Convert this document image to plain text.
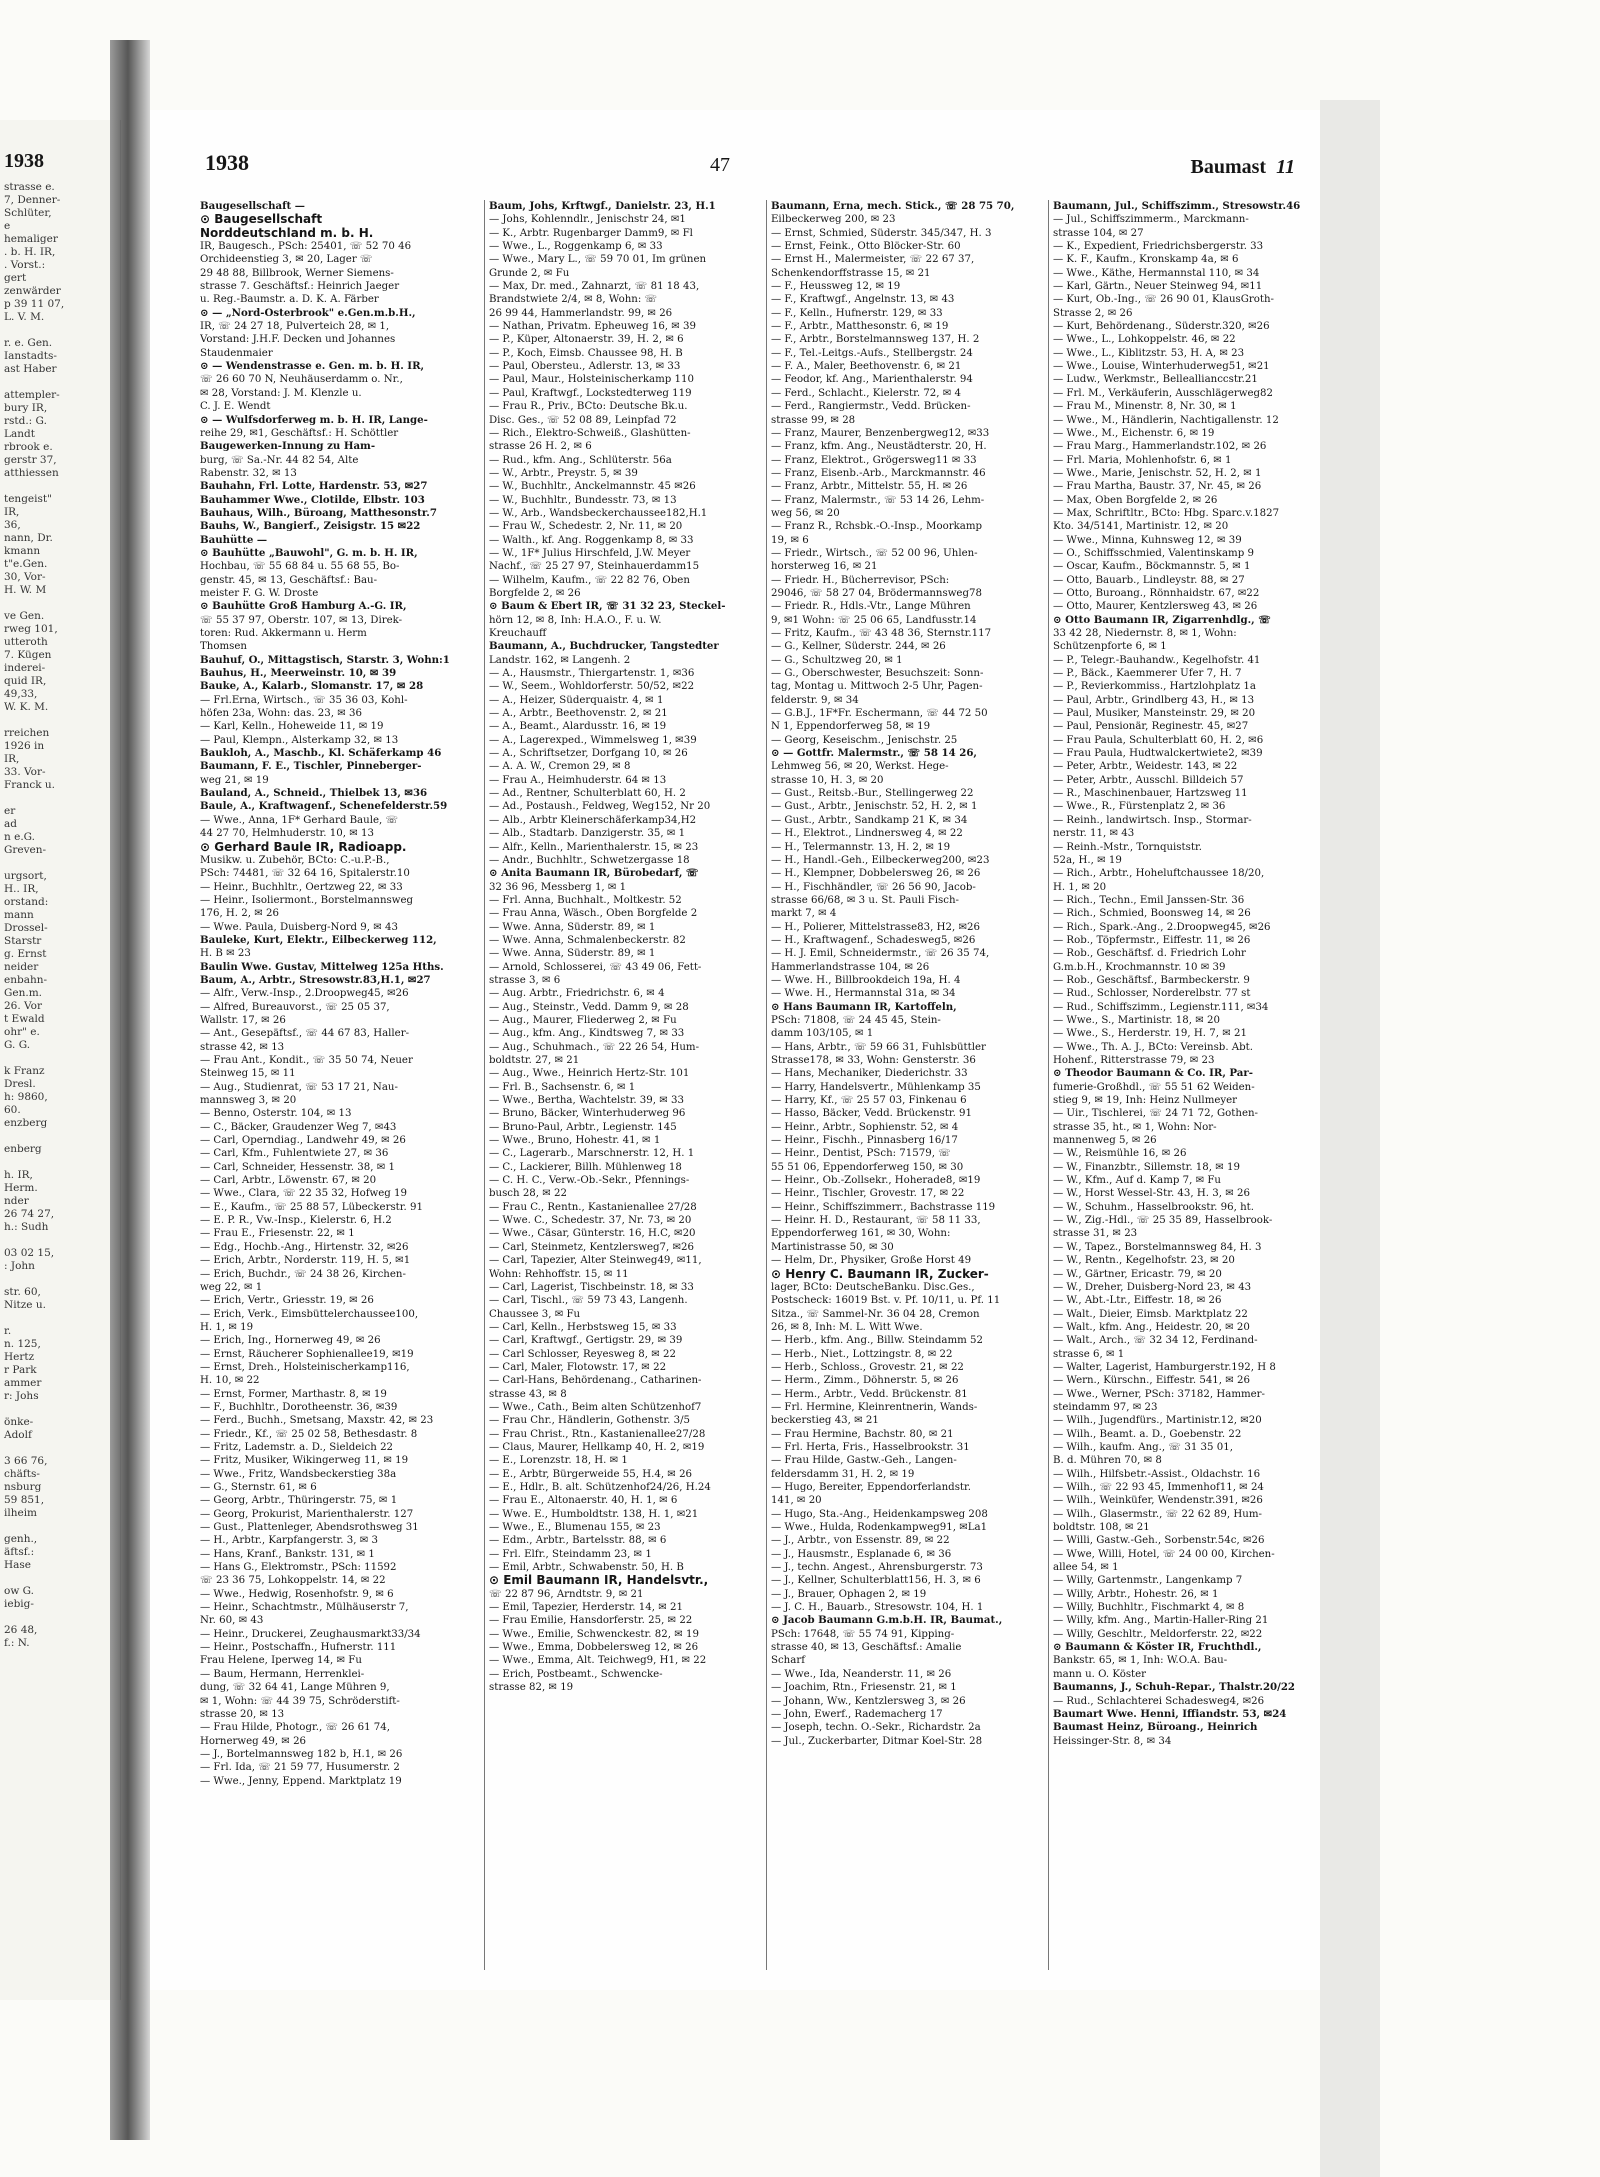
1938
strasse e.
7, Denner-
Schlüter,
e
hemaliger
. b. H. IR,
. Vorst.:
gert
zenwärder
p 39 11 07,
L. V. M.

r. e. Gen.
Ianstadts-
ast Haber

attempler-
bury IR,
rstd.: G.
Landt
rbrook e.
gerstr 37,
atthiessen

tengeist"
IR,
36,
nann, Dr.
kmann
t"e.Gen.
30, Vor-
H. W. M

ve Gen.
rweg 101,
utteroth
7. Kügen
inderei-
quid IR,
49,33,
W. K. M.

rreichen
1926 in
IR,
33. Vor-
Franck u.

er
ad
n e.G.
Greven-

urgsort,
H.. IR,
orstand:
mann
Drossel-
Starstr
g. Ernst
neider
enbahn-
Gen.m.
26. Vor
t Ewald
ohr" e.
G. G.

k Franz
Dresl.
h: 9860,
60.
enzberg

enberg

h. IR,
Herm.
nder
26 74 27,
h.: Sudh

03 02 15,
: John

str. 60,
Nitze u.

r.
n. 125,
Hertz
r Park
ammer
r: Johs

önke-
Adolf

3 66 76,
chäfts-
nsburg
59 851,
ilheim

genh.,
äftsf.:
Hase

ow G.
iebig-

26 48,
f.: N.
1938	47	Baumast 11
Baugesellschaft —
⊙ Baugesellschaft
Norddeutschland m. b. H.
IR, Baugesch., PSch: 25401, ☏ 52 70 46
Orchideenstieg 3, ✉ 20, Lager ☏
29 48 88, Billbrook, Werner Siemens-
strasse 7. Geschäftsf.: Heinrich Jaeger
u. Reg.-Baumstr. a. D. K. A. Färber
⊙ — „Nord-Osterbrook" e.Gen.m.b.H.,
IR, ☏ 24 27 18, Pulverteich 28, ✉ 1,
Vorstand: J.H.F. Decken und Johannes
Staudenmaier
⊙ — Wendenstrasse e. Gen. m. b. H. IR,
☏ 26 60 70 N, Neuhäuserdamm o. Nr.,
✉ 28, Vorstand: J. M. Klenzle u.
C. J. E. Wendt
⊙ — Wulfsdorferweg m. b. H. IR, Lange-
reihe 29, ✉1, Geschäftsf.: H. Schöttler
Baugewerken-Innung zu Ham-
burg, ☏ Sa.-Nr. 44 82 54, Alte
Rabenstr. 32, ✉ 13
Bauhahn, Frl. Lotte, Hardenstr. 53, ✉27
Bauhammer Wwe., Clotilde, Elbstr. 103
Bauhaus, Wilh., Büroang, Matthesonstr.7
Bauhs, W., Bangierf., Zeisigstr. 15 ✉22
Bauhütte —
⊙ Bauhütte „Bauwohl", G. m. b. H. IR,
Hochbau, ☏ 55 68 84 u. 55 68 55, Bo-
genstr. 45, ✉ 13, Geschäftsf.: Bau-
meister F. G. W. Droste
⊙ Bauhütte Groß Hamburg A.-G. IR,
☏ 55 37 97, Oberstr. 107, ✉ 13, Direk-
toren: Rud. Akkermann u. Herm
Thomsen
Bauhuf, O., Mittagstisch, Starstr. 3, Wohn:1
Bauhus, H., Meerweinstr. 10, ✉ 39
Bauke, A., Kalarb., Slomanstr. 17, ✉ 28
— Frl.Erna, Wirtsch., ☏ 35 36 03, Kohl-
höfen 23a, Wohn: das. 23, ✉ 36
— Karl, Kelln., Hoheweide 11, ✉ 19
— Paul, Klempn., Alsterkamp 32, ✉ 13
Baukloh, A., Maschb., Kl. Schäferkamp 46
Baumann, F. E., Tischler, Pinneberger-
weg 21, ✉ 19
Bauland, A., Schneid., Thielbek 13, ✉36
Baule, A., Kraftwagenf., Schenefelderstr.59
— Wwe., Anna, 1F* Gerhard Baule, ☏
44 27 70, Helmhuderstr. 10, ✉ 13
⊙ Gerhard Baule IR, Radioapp.
Musikw. u. Zubehör, BCto: C.-u.P.-B.,
PSch: 74481, ☏ 32 64 16, Spitalerstr.10
— Heinr., Buchhltr., Oertzweg 22, ✉ 33
— Heinr., Isoliermont., Borstelmannsweg
176, H. 2, ✉ 26
— Wwe. Paula, Duisberg-Nord 9, ✉ 43
Bauleke, Kurt, Elektr., Eilbeckerweg 112,
H. B ✉ 23
Baulin Wwe. Gustav, Mittelweg 125a Hths.
Baum, A., Arbtr., Stresowstr.83,H.1, ✉27
— Alfr., Verw.-Insp., 2.Droopweg45, ✉26
— Alfred, Bureauvorst., ☏ 25 05 37,
Wallstr. 17, ✉ 26
— Ant., Gesepäftsf., ☏ 44 67 83, Haller-
strasse 42, ✉ 13
— Frau Ant., Kondit., ☏ 35 50 74, Neuer
Steinweg 15, ✉ 11
— Aug., Studienrat, ☏ 53 17 21, Nau-
mannsweg 3, ✉ 20
— Benno, Osterstr. 104, ✉ 13
— C., Bäcker, Graudenzer Weg 7, ✉43
— Carl, Operndiag., Landwehr 49, ✉ 26
— Carl, Kfm., Fuhlentwiete 27, ✉ 36
— Carl, Schneider, Hessenstr. 38, ✉ 1
— Carl, Arbtr., Löwenstr. 67, ✉ 20
— Wwe., Clara, ☏ 22 35 32, Hofweg 19
— E., Kaufm., ☏ 25 88 57, Lübeckerstr. 91
— E. P. R., Vw.-Insp., Kielerstr. 6, H.2
— Frau E., Friesenstr. 22, ✉ 1
— Edg., Hochb.-Ang., Hirtenstr. 32, ✉26
— Erich, Arbtr., Norderstr. 119, H. 5, ✉1
— Erich, Buchdr., ☏ 24 38 26, Kirchen-
weg 22, ✉ 1
— Erich, Vertr., Griesstr. 19, ✉ 26
— Erich, Verk., Eimsbüttelerchaussee100,
H. 1, ✉ 19
— Erich, Ing., Hornerweg 49, ✉ 26
— Ernst, Räucherer Sophienallee19, ✉19
— Ernst, Dreh., Holsteinischerkamp116,
H. 10, ✉ 22
— Ernst, Former, Marthastr. 8, ✉ 19
— F., Buchhltr., Dorotheenstr. 36, ✉39
— Ferd., Buchh., Smetsang, Maxstr. 42, ✉ 23
— Friedr., Kf., ☏ 25 02 58, Bethesdastr. 8
— Fritz, Lademstr. a. D., Sieldeich 22
— Fritz, Musiker, Wikingerweg 11, ✉ 19
— Wwe., Fritz, Wandsbeckerstieg 38a
— G., Sternstr. 61, ✉ 6
— Georg, Arbtr., Thüringerstr. 75, ✉ 1
— Georg, Prokurist, Marienthalerstr. 127
— Gust., Plattenleger, Abendsrothsweg 31
— H., Arbtr., Karpfangerstr. 3, ✉ 3
— Hans, Kranf., Bankstr. 131, ✉ 1
— Hans G., Elektromstr., PSch: 11592
☏ 23 36 75, Lohkoppelstr. 14, ✉ 22
— Wwe., Hedwig, Rosenhofstr. 9, ✉ 6
— Heinr., Schachtmstr., Mülhäuserstr 7,
Nr. 60, ✉ 43
— Heinr., Druckerei, Zeughausmarkt33/34
— Heinr., Postschaffn., Hufnerstr. 111
Frau Helene, Iperweg 14, ✉ Fu
— Baum, Hermann, Herrenklei-
dung, ☏ 32 64 41, Lange Mühren 9,
✉ 1, Wohn: ☏ 44 39 75, Schröderstift-
strasse 20, ✉ 13
— Frau Hilde, Photogr., ☏ 26 61 74,
Hornerweg 49, ✉ 26
— J., Bortelmannsweg 182 b, H.1, ✉ 26
— Frl. Ida, ☏ 21 59 77, Husumerstr. 2
— Wwe., Jenny, Eppend. Marktplatz 19
Baum, Johs, Krftwgf., Danielstr. 23, H.1
— Johs, Kohlenndlr., Jenischstr 24, ✉1
— K., Arbtr. Rugenbarger Damm9, ✉ Fl
— Wwe., L., Roggenkamp 6, ✉ 33
— Wwe., Mary L., ☏ 59 70 01, Im grünen
Grunde 2, ✉ Fu
— Max, Dr. med., Zahnarzt, ☏ 81 18 43,
Brandstwiete 2/4, ✉ 8, Wohn: ☏
26 99 44, Hammerlandstr. 99, ✉ 26
— Nathan, Privatm. Epheuweg 16, ✉ 39
— P., Küper, Altonaerstr. 39, H. 2, ✉ 6
— P., Koch, Eimsb. Chaussee 98, H. B
— Paul, Obersteu., Adlerstr. 13, ✉ 33
— Paul, Maur., Holsteinischerkamp 110
— Paul, Kraftwgf., Lockstedterweg 119
— Frau R., Priv., BCto: Deutsche Bk.u.
Disc. Ges., ☏ 52 08 89, Leinpfad 72
— Rich., Elektro-Schweiß., Glashütten-
strasse 26 H. 2, ✉ 6
— Rud., kfm. Ang., Schlüterstr. 56a
— W., Arbtr., Preystr. 5, ✉ 39
— W., Buchhltr., Anckelmannstr. 45 ✉26
— W., Buchhltr., Bundesstr. 73, ✉ 13
— W., Arb., Wandsbeckerchaussee182,H.1
— Frau W., Schedestr. 2, Nr. 11, ✉ 20
— Walth., kf. Ang. Roggenkamp 8, ✉ 33
— W., 1F* Julius Hirschfeld, J.W. Meyer
Nachf., ☏ 25 27 97, Steinhauerdamm15
— Wilhelm, Kaufm., ☏ 22 82 76, Oben
Borgfelde 2, ✉ 26
⊙ Baum & Ebert IR, ☏ 31 32 23, Steckel-
hörn 12, ✉ 8, Inh: H.A.O., F. u. W.
Kreuchauff
Baumann, A., Buchdrucker, Tangstedter
Landstr. 162, ✉ Langenh. 2
— A., Hausmstr., Thiergartenstr. 1, ✉36
— W., Seem., Wohldorferstr. 50/52, ✉22
— A., Heizer, Süderquaistr. 4, ✉ 1
— A., Arbtr., Beethovenstr. 2, ✉ 21
— A., Beamt., Alardusstr. 16, ✉ 19
— A., Lagerexped., Wimmelsweg 1, ✉39
— A., Schriftsetzer, Dorfgang 10, ✉ 26
— A. A. W., Cremon 29, ✉ 8
— Frau A., Heimhuderstr. 64 ✉ 13
— Ad., Rentner, Schulterblatt 60, H. 2
— Ad., Postaush., Feldweg, Weg152, Nr 20
— Alb., Arbtr Kleinerschäferkamp34,H2
— Alb., Stadtarb. Danzigerstr. 35, ✉ 1
— Alfr., Kelln., Marienthalerstr. 15, ✉ 23
— Andr., Buchhltr., Schwetzergasse 18
⊙ Anita Baumann IR, Bürobedarf, ☏
32 36 96, Messberg 1, ✉ 1
— Frl. Anna, Buchhalt., Moltkestr. 52
— Frau Anna, Wäsch., Oben Borgfelde 2
— Wwe. Anna, Süderstr. 89, ✉ 1
— Wwe. Anna, Schmalenbeckerstr. 82
— Wwe. Anna, Süderstr. 89, ✉ 1
— Arnold, Schlosserei, ☏ 43 49 06, Fett-
strasse 3, ✉ 6
— Aug. Arbtr., Friedrichstr. 6, ✉ 4
— Aug., Steinstr., Vedd. Damm 9, ✉ 28
— Aug., Maurer, Fliederweg 2, ✉ Fu
— Aug., kfm. Ang., Kindtsweg 7, ✉ 33
— Aug., Schuhmach., ☏ 22 26 54, Hum-
boldtstr. 27, ✉ 21
— Aug., Wwe., Heinrich Hertz-Str. 101
— Frl. B., Sachsenstr. 6, ✉ 1
— Wwe., Bertha, Wachtelstr. 39, ✉ 33
— Bruno, Bäcker, Winterhuderweg 96
— Bruno-Paul, Arbtr., Legienstr. 145
— Wwe., Bruno, Hohestr. 41, ✉ 1
— C., Lagerarb., Marschnerstr. 12, H. 1
— C., Lackierer, Billh. Mühlenweg 18
— C. H. C., Verw.-Ob.-Sekr., Pfennings-
busch 28, ✉ 22
— Frau C., Rentn., Kastanienallee 27/28
— Wwe. C., Schedestr. 37, Nr. 73, ✉ 20
— Wwe., Cäsar, Günterstr. 16, H.C, ✉20
— Carl, Steinmetz, Kentzlersweg7, ✉26
— Carl, Tapezier, Alter Steinweg49, ✉11,
Wohn: Rehhoffstr. 15, ✉ 11
— Carl, Lagerist, Tischbeinstr. 18, ✉ 33
— Carl, Tischl., ☏ 59 73 43, Langenh.
Chaussee 3, ✉ Fu
— Carl, Kelln., Herbstsweg 15, ✉ 33
— Carl, Kraftwgf., Gertigstr. 29, ✉ 39
— Carl Schlosser, Reyesweg 8, ✉ 22
— Carl, Maler, Flotowstr. 17, ✉ 22
— Carl-Hans, Behördenang., Catharinen-
strasse 43, ✉ 8
— Wwe., Cath., Beim alten Schützenhof7
— Frau Chr., Händlerin, Gothenstr. 3/5
— Frau Christ., Rtn., Kastanienallee27/28
— Claus, Maurer, Hellkamp 40, H. 2, ✉19
— E., Lorenzstr. 18, H. ✉ 1
— E., Arbtr, Bürgerweide 55, H.4, ✉ 26
— E., Hdlr., B. alt. Schützenhof24/26, H.24
— Frau E., Altonaerstr. 40, H. 1, ✉ 6
— Wwe. E., Humboldtstr. 138, H. 1, ✉21
— Wwe., E., Blumenau 155, ✉ 23
— Edm., Arbtr., Bartelsstr. 88, ✉ 6
— Frl. Elfr., Steindamm 23, ✉ 1
— Emil, Arbtr., Schwabenstr. 50, H. B
⊙ Emil Baumann IR, Handelsvtr.,
☏ 22 87 96, Arndtstr. 9, ✉ 21
— Emil, Tapezier, Herderstr. 14, ✉ 21
— Frau Emilie, Hansdorferstr. 25, ✉ 22
— Wwe., Emilie, Schwenckestr. 82, ✉ 19
— Wwe., Emma, Dobbelersweg 12, ✉ 26
— Wwe., Emma, Alt. Teichweg9, H1, ✉ 22
— Erich, Postbeamt., Schwencke-
strasse 82, ✉ 19
Baumann, Erna, mech. Stick., ☏ 28 75 70,
Eilbeckerweg 200, ✉ 23
— Ernst, Schmied, Süderstr. 345/347, H. 3
— Ernst, Feink., Otto Blöcker-Str. 60
— Ernst H., Malermeister, ☏ 22 67 37,
Schenkendorffstrasse 15, ✉ 21
— F., Heussweg 12, ✉ 19
— F., Kraftwgf., Angelnstr. 13, ✉ 43
— F., Kelln., Hufnerstr. 129, ✉ 33
— F., Arbtr., Matthesonstr. 6, ✉ 19
— F., Arbtr., Borstelmannsweg 137, H. 2
— F., Tel.-Leitgs.-Aufs., Stellbergstr. 24
— F. A., Maler, Beethovenstr. 6, ✉ 21
— Feodor, kf. Ang., Marienthalerstr. 94
— Ferd., Schlacht., Kielerstr. 72, ✉ 4
— Ferd., Rangiermstr., Vedd. Brücken-
strasse 99, ✉ 28
— Franz, Maurer, Benzenbergweg12, ✉33
— Franz, kfm. Ang., Neustädterstr. 20, H.
— Franz, Elektrot., Grögersweg11 ✉ 33
— Franz, Eisenb.-Arb., Marckmannstr. 46
— Franz, Arbtr., Mittelstr. 55, H. ✉ 26
— Franz, Malermstr., ☏ 53 14 26, Lehm-
weg 56, ✉ 20
— Franz R., Rchsbk.-O.-Insp., Moorkamp
19, ✉ 6
— Friedr., Wirtsch., ☏ 52 00 96, Uhlen-
horsterweg 16, ✉ 21
— Friedr. H., Bücherrevisor, PSch:
29046, ☏ 58 27 04, Brödermannsweg78
— Friedr. R., Hdls.-Vtr., Lange Mühren
9, ✉1 Wohn: ☏ 25 06 65, Landfusstr.14
— Fritz, Kaufm., ☏ 43 48 36, Sternstr.117
— G., Kellner, Süderstr. 244, ✉ 26
— G., Schultzweg 20, ✉ 1
— G., Oberschwester, Besuchszeit: Sonn-
tag, Montag u. Mittwoch 2-5 Uhr, Pagen-
felderstr. 9, ✉ 34
— G.B.J., 1F*Fr. Eschermann, ☏ 44 72 50
N 1, Eppendorferweg 58, ✉ 19
— Georg, Keseischm., Jenischstr. 25
⊙ — Gottfr. Malermstr., ☏ 58 14 26,
Lehmweg 56, ✉ 20, Werkst. Hege-
strasse 10, H. 3, ✉ 20
— Gust., Reitsb.-Bur., Stellingerweg 22
— Gust., Arbtr., Jenischstr. 52, H. 2, ✉ 1
— Gust., Arbtr., Sandkamp 21 K, ✉ 34
— H., Elektrot., Lindnersweg 4, ✉ 22
— H., Telermannstr. 13, H. 2, ✉ 19
— H., Handl.-Geh., Eilbeckerweg200, ✉23
— H., Klempner, Dobbelersweg 26, ✉ 26
— H., Fischhändler, ☏ 26 56 90, Jacob-
strasse 66/68, ✉ 3 u. St. Pauli Fisch-
markt 7, ✉ 4
— H., Polierer, Mittelstrasse83, H2, ✉26
— H., Kraftwagenf., Schadesweg5, ✉26
— H. J. Emil, Schneidermstr., ☏ 26 35 74,
Hammerlandstrasse 104, ✉ 26
— Wwe. H., Billbrookdeich 19a, H. 4
— Wwe. H., Hermannstal 31a, ✉ 34
⊙ Hans Baumann IR, Kartoffeln,
PSch: 71808, ☏ 24 45 45, Stein-
damm 103/105, ✉ 1
— Hans, Arbtr., ☏ 59 66 31, Fuhlsbüttler
Strasse178, ✉ 33, Wohn: Gensterstr. 36
— Hans, Mechaniker, Diederichstr. 33
— Harry, Handelsvertr., Mühlenkamp 35
— Harry, Kf., ☏ 25 57 03, Finkenau 6
— Hasso, Bäcker, Vedd. Brückenstr. 91
— Heinr., Arbtr., Sophienstr. 52, ✉ 4
— Heinr., Fischh., Pinnasberg 16/17
— Heinr., Dentist, PSch: 71579, ☏
55 51 06, Eppendorferweg 150, ✉ 30
— Heinr., Ob.-Zollsekr., Hoherade8, ✉19
— Heinr., Tischler, Grovestr. 17, ✉ 22
— Heinr., Schiffszimmerr., Bachstrasse 119
— Heinr. H. D., Restaurant, ☏ 58 11 33,
Eppendorferweg 161, ✉ 30, Wohn:
Martinistrasse 50, ✉ 30
— Helm, Dr., Physiker, Große Horst 49
⊙ Henry C. Baumann IR, Zucker-
lager, BCto: DeutscheBanku. Disc.Ges.,
Postscheck: 16019 Bst. v. Pf. 10/11, u. Pf. 11
Sitza., ☏ Sammel-Nr. 36 04 28, Cremon
26, ✉ 8, Inh: M. L. Witt Wwe.
— Herb., kfm. Ang., Billw. Steindamm 52
— Herb., Niet., Lottzingstr. 8, ✉ 22
— Herb., Schloss., Grovestr. 21, ✉ 22
— Herm., Zimm., Döhnerstr. 5, ✉ 26
— Herm., Arbtr., Vedd. Brückenstr. 81
— Frl. Hermine, Kleinrentnerin, Wands-
beckerstieg 43, ✉ 21
— Frau Hermine, Bachstr. 80, ✉ 21
— Frl. Herta, Fris., Hasselbrookstr. 31
— Frau Hilde, Gastw.-Geh., Langen-
feldersdamm 31, H. 2, ✉ 19
— Hugo, Bereiter, Eppendorferlandstr.
141, ✉ 20
— Hugo, Sta.-Ang., Heidenkampsweg 208
— Wwe., Hulda, Rodenkampweg91, ✉La1
— J., Arbtr., von Essenstr. 89, ✉ 22
— J., Hausmstr., Esplanade 6, ✉ 36
— J., techn. Angest., Ahrensburgerstr. 73
— J., Kellner, Schulterblatt156, H. 3, ✉ 6
— J., Brauer, Ophagen 2, ✉ 19
— J. C. H., Bauarb., Stresowstr. 104, H. 1
⊙ Jacob Baumann G.m.b.H. IR, Baumat.,
PSch: 17648, ☏ 55 74 91, Kipping-
strasse 40, ✉ 13, Geschäftsf.: Amalie
Scharf
— Wwe., Ida, Neanderstr. 11, ✉ 26
— Joachim, Rtn., Friesenstr. 21, ✉ 1
— Johann, Ww., Kentzlersweg 3, ✉ 26
— John, Ewerf., Rademacherg 17
— Joseph, techn. O.-Sekr., Richardstr. 2a
— Jul., Zuckerbarter, Ditmar Koel-Str. 28
Baumann, Jul., Schiffszimm., Stresowstr.46
— Jul., Schiffszimmerm., Marckmann-
strasse 104, ✉ 27
— K., Expedient, Friedrichsbergerstr. 33
— K. F., Kaufm., Kronskamp 4a, ✉ 6
— Wwe., Käthe, Hermannstal 110, ✉ 34
— Karl, Gärtn., Neuer Steinweg 94, ✉11
— Kurt, Ob.-Ing., ☏ 26 90 01, KlausGroth-
Strasse 2, ✉ 26
— Kurt, Behördenang., Süderstr.320, ✉26
— Wwe., L., Lohkoppelstr. 46, ✉ 22
— Wwe., L., Kiblitzstr. 53, H. A, ✉ 23
— Wwe., Louise, Winterhuderweg51, ✉21
— Ludw., Werkmstr., Belleallianccstr.21
— Frl. M., Verkäuferin, Ausschlägerweg82
— Frau M., Minenstr. 8, Nr. 30, ✉ 1
— Wwe., M., Händlerin, Nachtigallenstr. 12
— Wwe., M., Eichenstr. 6, ✉ 19
— Frau Marg., Hammerlandstr.102, ✉ 26
— Frl. Maria, Mohlenhofstr. 6, ✉ 1
— Wwe., Marie, Jenischstr. 52, H. 2, ✉ 1
— Frau Martha, Baustr. 37, Nr. 45, ✉ 26
— Max, Oben Borgfelde 2, ✉ 26
— Max, Schriftltr., BCto: Hbg. Sparc.v.1827
Kto. 34/5141, Martinistr. 12, ✉ 20
— Wwe., Minna, Kuhnsweg 12, ✉ 39
— O., Schiffsschmied, Valentinskamp 9
— Oscar, Kaufm., Böckmannstr. 5, ✉ 1
— Otto, Bauarb., Lindleystr. 88, ✉ 27
— Otto, Buroang., Rönnhaidstr. 67, ✉22
— Otto, Maurer, Kentzlersweg 43, ✉ 26
⊙ Otto Baumann IR, Zigarrenhdlg., ☏
33 42 28, Niedernstr. 8, ✉ 1, Wohn:
Schützenpforte 6, ✉ 1
— P., Telegr.-Bauhandw., Kegelhofstr. 41
— P., Bäck., Kaemmerer Ufer 7, H. 7
— P., Revierkommiss., Hartzlohplatz 1a
— Paul, Arbtr., Grindlberg 43, H., ✉ 13
— Paul, Musiker, Mansteinstr. 29, ✉ 20
— Paul, Pensionär, Reginestr. 45, ✉27
— Frau Paula, Schulterblatt 60, H. 2, ✉6
— Frau Paula, Hudtwalckertwiete2, ✉39
— Peter, Arbtr., Weidestr. 143, ✉ 22
— Peter, Arbtr., Ausschl. Billdeich 57
— R., Maschinenbauer, Hartzsweg 11
— Wwe., R., Fürstenplatz 2, ✉ 36
— Reinh., landwirtsch. Insp., Stormar-
nerstr. 11, ✉ 43
— Reinh.-Mstr., Tornquiststr.
52a, H., ✉ 19
— Rich., Arbtr., Hoheluftchaussee 18/20,
H. 1, ✉ 20
— Rich., Techn., Emil Janssen-Str. 36
— Rich., Schmied, Boonsweg 14, ✉ 26
— Rich., Spark.-Ang., 2.Droopweg45, ✉26
— Rob., Töpfermstr., Eiffestr. 11, ✉ 26
— Rob., Geschäftsf. d. Friedrich Lohr
G.m.b.H., Krochmannstr. 10 ✉ 39
— Rob., Geschäftsf., Barmbeckerstr. 9
— Rud., Schlosser, Norderelbstr. 77 st
— Rud., Schiffszimm., Legienstr.111, ✉34
— Wwe., S., Martinistr. 18, ✉ 20
— Wwe., S., Herderstr. 19, H. 7, ✉ 21
— Wwe., Th. A. J., BCto: Vereinsb. Abt.
Hohenf., Ritterstrasse 79, ✉ 23
⊙ Theodor Baumann & Co. IR, Par-
fumerie-Großhdl., ☏ 55 51 62 Weiden-
stieg 9, ✉ 19, Inh: Heinz Nullmeyer
— Uir., Tischlerei, ☏ 24 71 72, Gothen-
strasse 35, ht., ✉ 1, Wohn: Nor-
mannenweg 5, ✉ 26
— W., Reismühle 16, ✉ 26
— W., Finanzbtr., Sillemstr. 18, ✉ 19
— W., Kfm., Auf d. Kamp 7, ✉ Fu
— W., Horst Wessel-Str. 43, H. 3, ✉ 26
— W., Schuhm., Hasselbrookstr. 96, ht.
— W., Zig.-Hdl., ☏ 25 35 89, Hasselbrook-
strasse 31, ✉ 23
— W., Tapez., Borstelmannsweg 84, H. 3
— W., Rentn., Kegelhofstr. 23, ✉ 20
— W., Gärtner, Ericastr. 79, ✉ 20
— W., Dreher, Duisberg-Nord 23, ✉ 43
— W., Abt.-Ltr., Eiffestr. 18, ✉ 26
— Walt., Dieier, Eimsb. Marktplatz 22
— Walt., kfm. Ang., Heidestr. 20, ✉ 20
— Walt., Arch., ☏ 32 34 12, Ferdinand-
strasse 6, ✉ 1
— Walter, Lagerist, Hamburgerstr.192, H 8
— Wern., Kürschn., Eiffestr. 541, ✉ 26
— Wwe., Werner, PSch: 37182, Hammer-
steindamm 97, ✉ 23
— Wilh., Jugendfürs., Martinistr.12, ✉20
— Wilh., Beamt. a. D., Goebenstr. 22
— Wilh., kaufm. Ang., ☏ 31 35 01,
B. d. Mühren 70, ✉ 8
— Wilh., Hilfsbetr.-Assist., Oldachstr. 16
— Wilh., ☏ 22 93 45, Immenhof11, ✉ 24
— Wilh., Weinküfer, Wendenstr.391, ✉26
— Wilh., Glasermstr., ☏ 22 62 89, Hum-
boldtstr. 108, ✉ 21
— Willi, Gastw.-Geh., Sorbenstr.54c, ✉26
— Wwe, Willi, Hotel, ☏ 24 00 00, Kirchen-
allee 54, ✉ 1
— Willy, Gartenmstr., Langenkamp 7
— Willy, Arbtr., Hohestr. 26, ✉ 1
— Willy, Buchhltr., Fischmarkt 4, ✉ 8
— Willy, kfm. Ang., Martin-Haller-Ring 21
— Willy, Geschltr., Meldorferstr. 22, ✉22
⊙ Baumann & Köster IR, Fruchthdl.,
Bankstr. 65, ✉ 1, Inh: W.O.A. Bau-
mann u. O. Köster
Baumanns, J., Schuh-Repar., Thalstr.20/22
— Rud., Schlachterei Schadesweg4, ✉26
Baumart Wwe. Henni, Iffiandstr. 53, ✉24
Baumast Heinz, Büroang., Heinrich
Heissinger-Str. 8, ✉ 34
